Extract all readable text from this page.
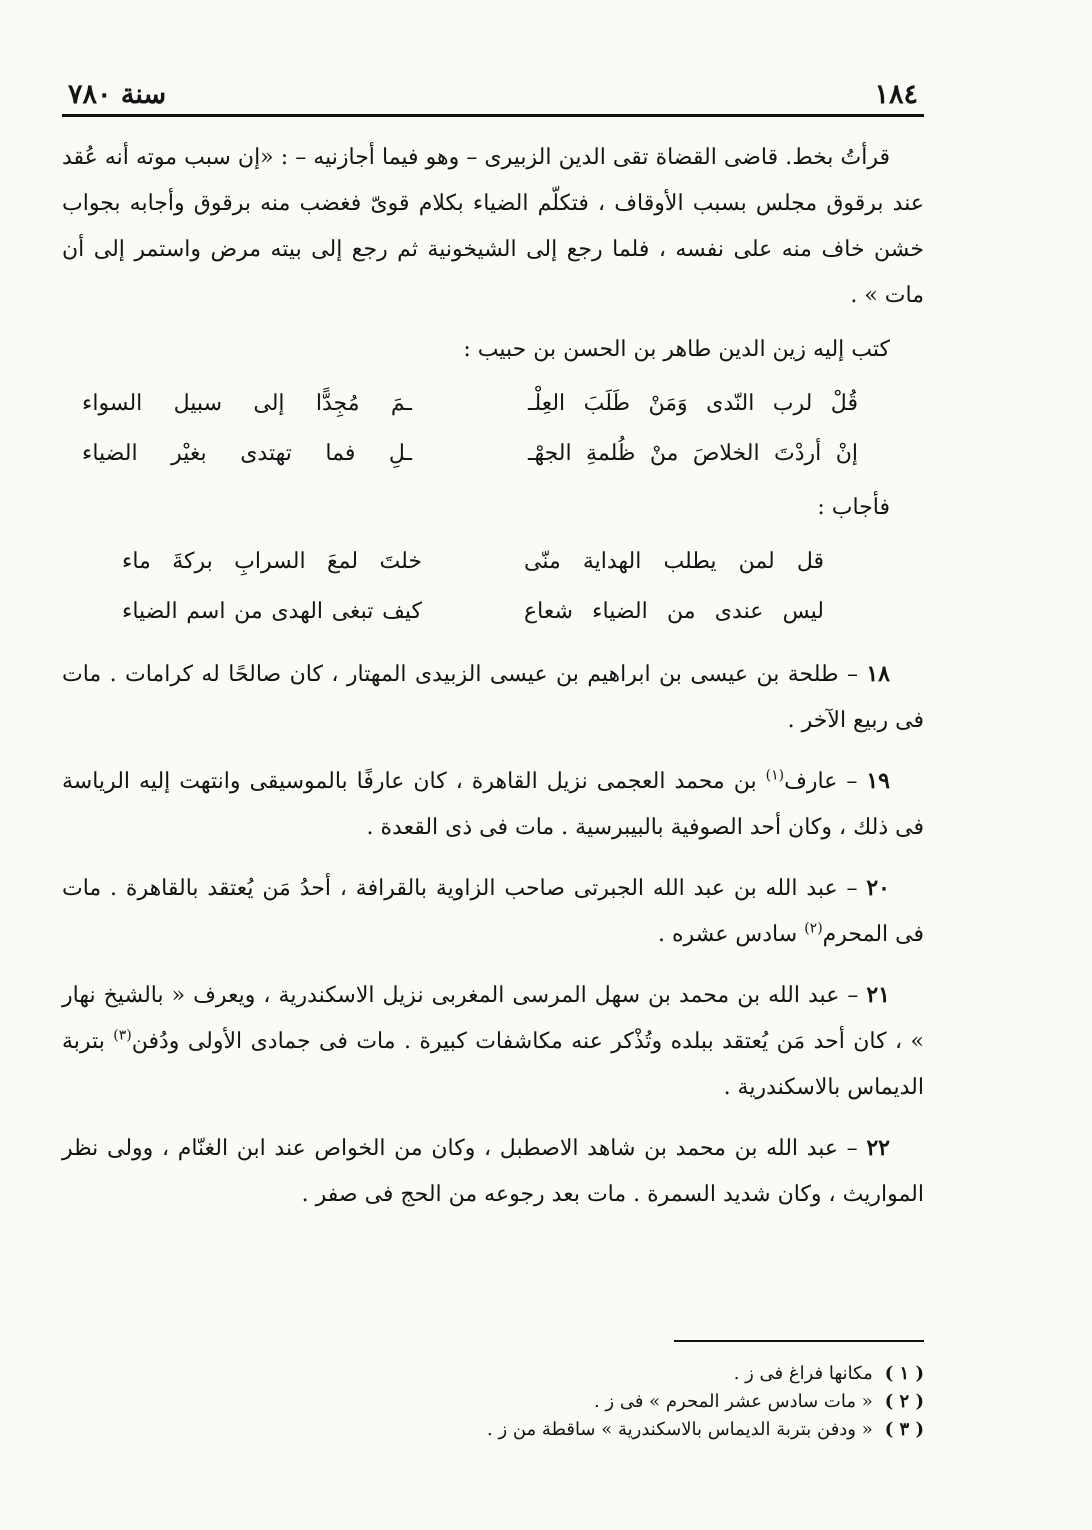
١٨٤
سنة ٧٨٠

قرأتُ بخط. قاضى القضاة تقى الدين الزبيرى – وهو فيما أجازنيه – : «إن سبب موته أنه عُقد عند برقوق مجلس بسبب الأوقاف ، فتكلّم الضياء بكلام قوىّ فغضب منه برقوق وأجابه بجواب خشن خاف منه على نفسه ، فلما رجع إلى الشيخونية ثم رجع إلى بيته مرض واستمر إلى أن مات » .

كتب إليه زين الدين طاهر بن الحسن بن حبيب :

قُلْ لرب النّدى وَمَنْ طَلَبَ العِلْـ
ـمَ مُجِدًّا إلى سبيل السواء
إنْ أردْتَ الخلاصَ منْ ظُلمةِ الجهْـ
ـلِ فما تهتدى بغيْر الضياء

فأجاب :

قل لمن يطلب الهداية منّى
خلتَ لمعَ السرابِ بركةَ ماء
ليس عندى من الضياء شعاع
كيف تبغى الهدى من اسم الضياء

١٨ – طلحة بن عيسى بن ابراهيم بن عيسى الزبيدى المهتار ، كان صالحًا له كرامات . مات فى ربيع الآخر .

١٩ – عارف$^{(١)}$ بن محمد العجمى نزيل القاهرة ، كان عارفًا بالموسيقى وانتهت إليه الرياسة فى ذلك ، وكان أحد الصوفية بالبيبرسية . مات فى ذى القعدة .

٢٠ – عبد الله بن عبد الله الجبرتى صاحب الزاوية بالقرافة ، أحدُ مَن يُعتقد بالقاهرة . مات فى المحرم$^{(٢)}$ سادس عشره .

٢١ – عبد الله بن محمد بن سهل المرسى المغربى نزيل الاسكندرية ، ويعرف « بالشيخ نهار » ، كان أحد مَن يُعتقد ببلده وتُذْكر عنه مكاشفات كبيرة . مات فى جمادى الأولى ودُفن$^{(٣)}$ بتربة الديماس بالاسكندرية .

٢٢ – عبد الله بن محمد بن شاهد الاصطبل ، وكان من الخواص عند ابن الغنّام ، وولى نظر المواريث ، وكان شديد السمرة . مات بعد رجوعه من الحج فى صفر .

( ١ )
مكانها فراغ فى ز .
( ٢ )
« مات سادس عشر المحرم » فى ز .
( ٣ )
« ودفن بتربة الديماس بالاسكندرية » ساقطة من ز .
